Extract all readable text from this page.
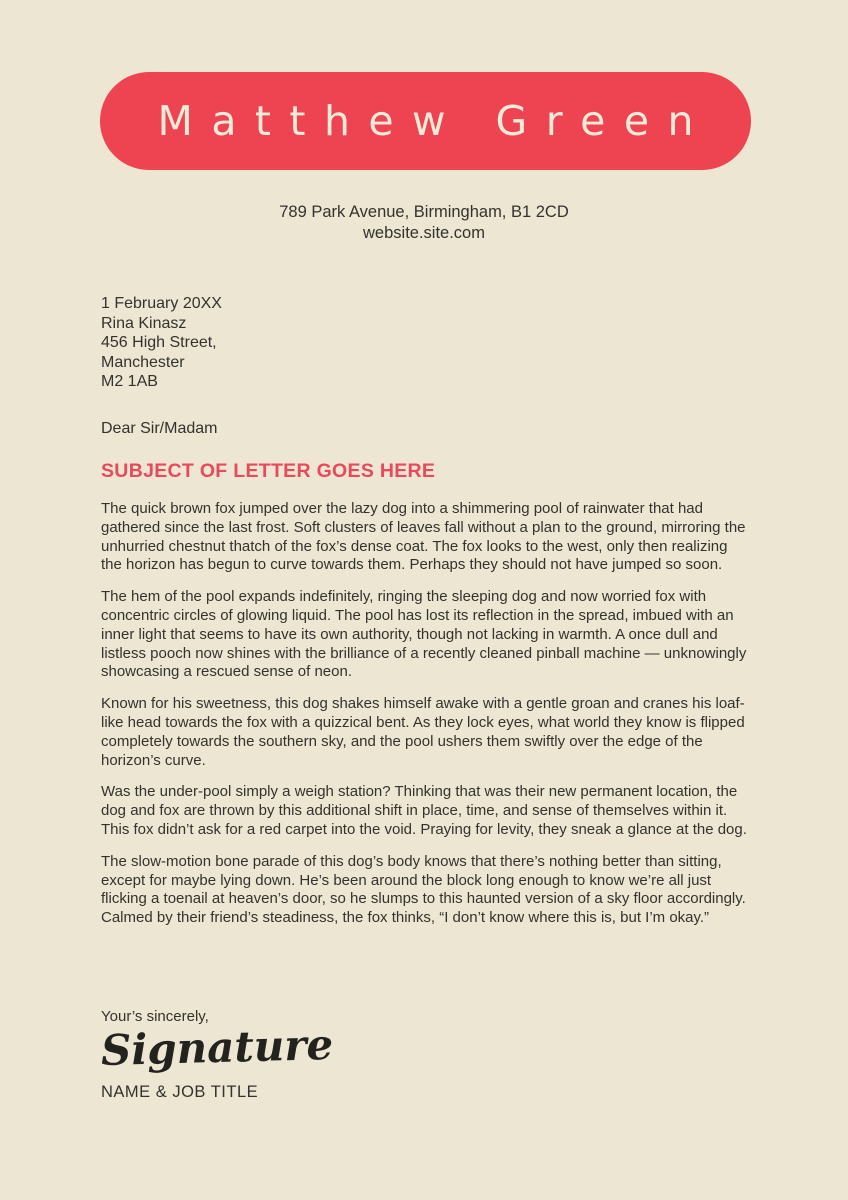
Matthew Green
789 Park Avenue, Birmingham, B1 2CD
website.site.com
1 February 20XX
Rina Kinasz
456 High Street,
Manchester
M2 1AB
Dear Sir/Madam
SUBJECT OF LETTER GOES HERE

The quick brown fox jumped over the lazy dog into a shimmering pool of rainwater that had gathered since the last frost. Soft clusters of leaves fall without a plan to the ground, mirroring the unhurried chestnut thatch of the fox’s dense coat. The fox looks to the west, only then realizing the horizon has begun to curve towards them. Perhaps they should not have jumped so soon.

The hem of the pool expands indefinitely, ringing the sleeping dog and now worried fox with concentric circles of glowing liquid. The pool has lost its reflection in the spread, imbued with an inner light that seems to have its own authority, though not lacking in warmth. A once dull and listless pooch now shines with the brilliance of a recently cleaned pinball machine — unknowingly showcasing a rescued sense of neon.

Known for his sweetness, this dog shakes himself awake with a gentle groan and cranes his loaf-like head towards the fox with a quizzical bent. As they lock eyes, what world they know is flipped completely towards the southern sky, and the pool ushers them swiftly over the edge of the horizon’s curve.

Was the under-pool simply a weigh station? Thinking that was their new permanent location, the dog and fox are thrown by this additional shift in place, time, and sense of themselves within it. This fox didn’t ask for a red carpet into the void. Praying for levity, they sneak a glance at the dog.

The slow-motion bone parade of this dog’s body knows that there’s nothing better than sitting, except for maybe lying down. He’s been around the block long enough to know we’re all just flicking a toenail at heaven’s door, so he slumps to this haunted version of a sky floor accordingly. Calmed by their friend’s steadiness, the fox thinks, “I don’t know where this is, but I’m okay.”

Your’s sincerely,
Signature
NAME & JOB TITLE
